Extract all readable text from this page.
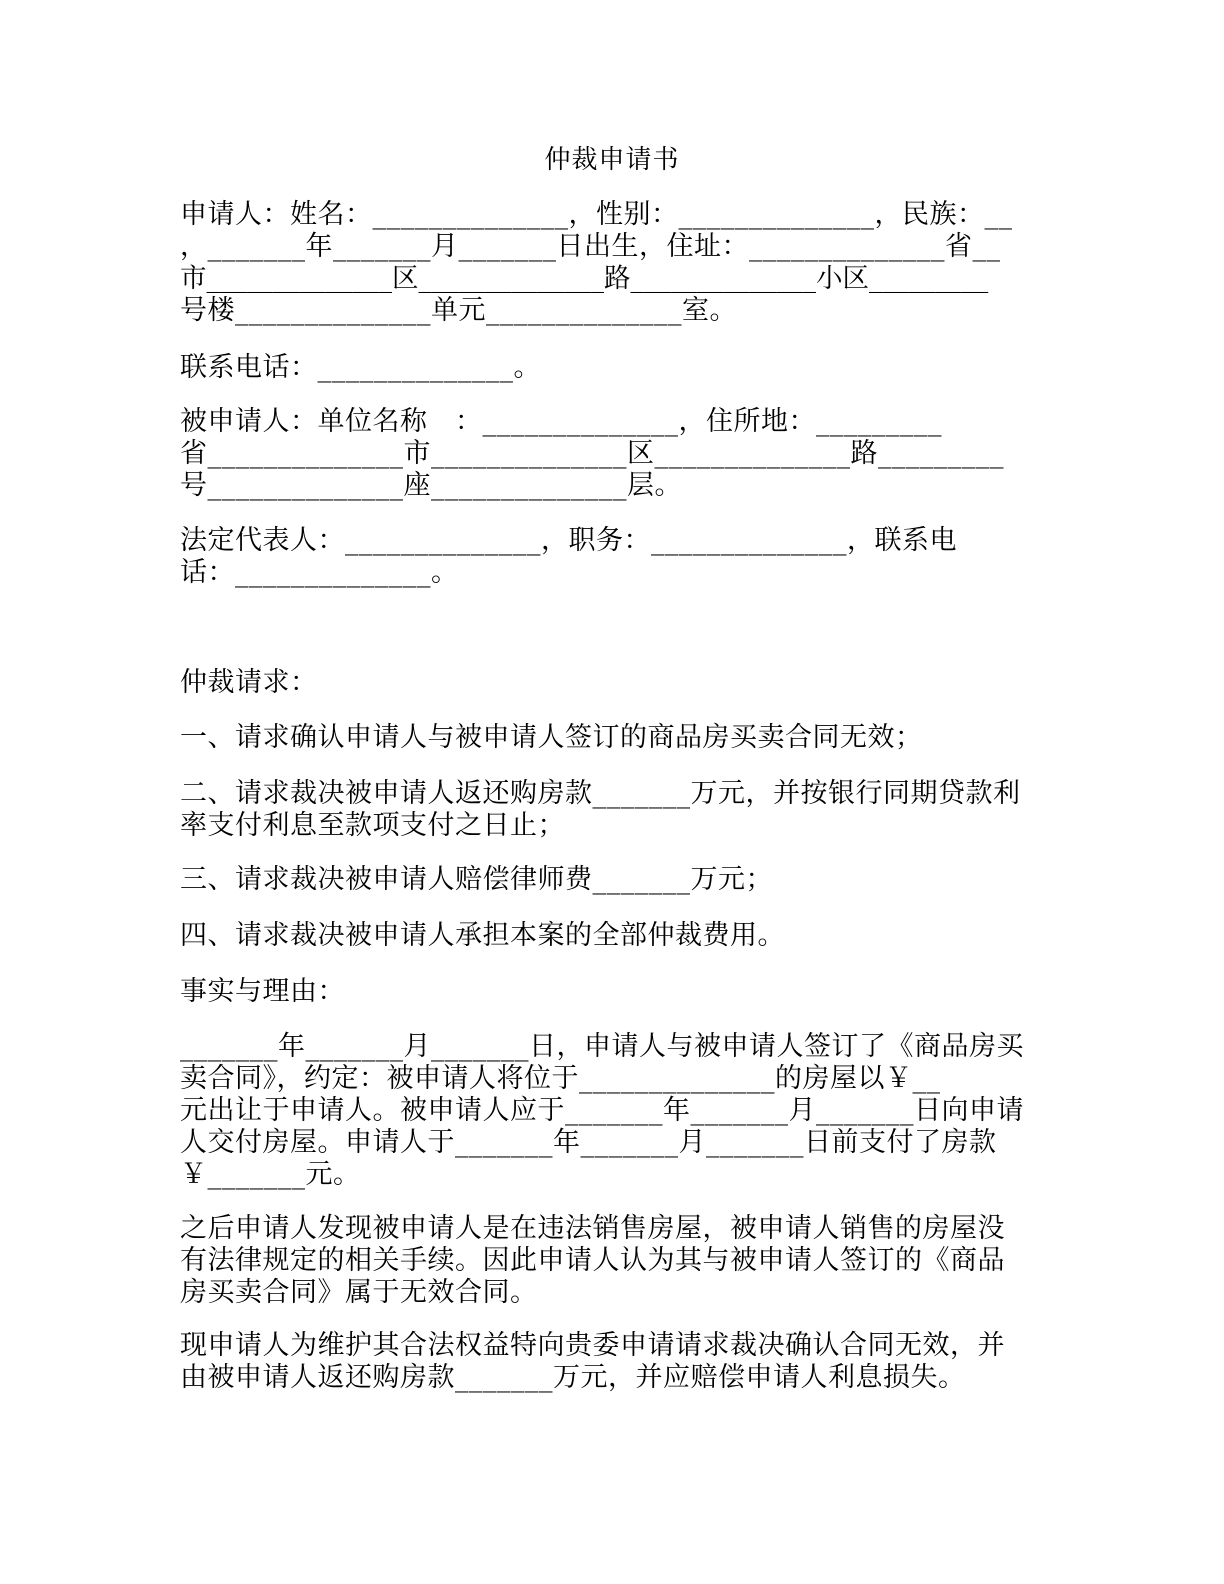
仲裁申请书
申请人：姓名：______________，性别：______________，民族：__
，_______年_______月_______日出生，住址：______________省__
市______________区______________路______________小区_________
号楼______________单元______________室。
联系电话：______________。
被申请人：单位名称　：______________，住所地：_________
省______________市______________区______________路_________
号______________座______________层。
法定代表人：______________，职务：______________，联系电
话：______________。
仲裁请求：
一、请求确认申请人与被申请人签订的商品房买卖合同无效；
二、请求裁决被申请人返还购房款_______万元，并按银行同期贷款利
率支付利息至款项支付之日止；
三、请求裁决被申请人赔偿律师费_______万元；
四、请求裁决被申请人承担本案的全部仲裁费用。
事实与理由：
_______年_______月_______日，申请人与被申请人签订了《商品房买
卖合同》，约定：被申请人将位于______________的房屋以￥__
元出让于申请人。被申请人应于_______年_______月_______日向申请
人交付房屋。申请人于_______年_______月_______日前支付了房款
￥_______元。
之后申请人发现被申请人是在违法销售房屋，被申请人销售的房屋没
有法律规定的相关手续。因此申请人认为其与被申请人签订的《商品
房买卖合同》属于无效合同。
现申请人为维护其合法权益特向贵委申请请求裁决确认合同无效，并
由被申请人返还购房款_______万元，并应赔偿申请人利息损失。
